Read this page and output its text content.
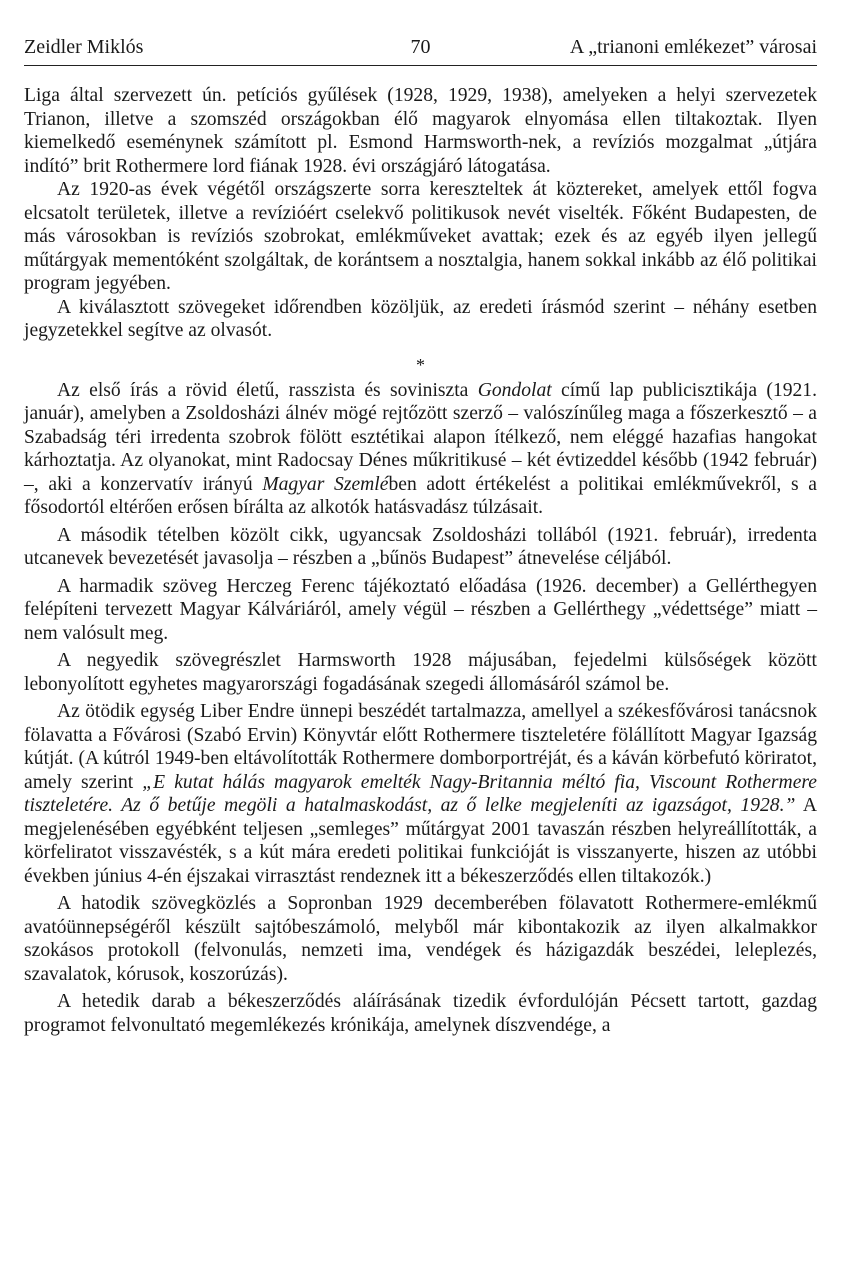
Zeidler Miklós	70	A „trianoni emlékezet” városai

Liga által szervezett ún. petíciós gyűlések (1928, 1929, 1938), amelyeken a helyi szervezetek Trianon, illetve a szomszéd országokban élő magyarok elnyomása ellen tiltakoztak. Ilyen kiemelkedő eseménynek számított pl. Esmond Harmsworth-nek, a revíziós mozgalmat „útjára indító” brit Rothermere lord fiának 1928. évi országjáró látogatása.

Az 1920-as évek végétől országszerte sorra kereszteltek át köztereket, amelyek ettől fogva elcsatolt területek, illetve a revízióért cselekvő politikusok nevét viselték. Főként Budapesten, de más városokban is revíziós szobrokat, emlékműveket avattak; ezek és az egyéb ilyen jellegű műtárgyak mementóként szolgáltak, de korántsem a nosztalgia, hanem sokkal inkább az élő politikai program jegyében.

A kiválasztott szövegeket időrendben közöljük, az eredeti írásmód szerint – néhány esetben jegyzetekkel segítve az olvasót.

*

Az első írás a rövid életű, rasszista és soviniszta Gondolat című lap publicisztikája (1921. január), amelyben a Zsoldosházi álnév mögé rejtőzött szerző – valószínűleg maga a főszerkesztő – a Szabadság téri irredenta szobrok fölött esztétikai alapon ítélkező, nem eléggé hazafias hangokat kárhoztatja. Az olyanokat, mint Radocsay Dénes műkritikusé – két évtizeddel később (1942 február) –, aki a konzervatív irányú Magyar Szemlében adott értékelést a politikai emlékművekről, s a fősodortól eltérően erősen bírálta az alkotók hatásvadász túlzásait.

A második tételben közölt cikk, ugyancsak Zsoldosházi tollából (1921. február), irredenta utcanevek bevezetését javasolja – részben a „bűnös Budapest” átnevelése céljából.

A harmadik szöveg Herczeg Ferenc tájékoztató előadása (1926. december) a Gellérthegyen felépíteni tervezett Magyar Kálváriáról, amely végül – részben a Gellérthegy „védettsége” miatt – nem valósult meg.

A negyedik szövegrészlet Harmsworth 1928 májusában, fejedelmi külsőségek között lebonyolított egyhetes magyarországi fogadásának szegedi állomásáról számol be.

Az ötödik egység Liber Endre ünnepi beszédét tartalmazza, amellyel a székesfővárosi tanácsnok fölavatta a Fővárosi (Szabó Ervin) Könyvtár előtt Rothermere tiszteletére fölállított Magyar Igazság kútját. (A kútról 1949-ben eltávolították Rothermere domborportréját, és a káván körbefutó köriratot, amely szerint „E kutat hálás magyarok emelték Nagy-Britannia méltó fia, Viscount Rothermere tiszteletére. Az ő betűje megöli a hatalmaskodást, az ő lelke megjeleníti az igazságot, 1928.” A megjelenésében egyébként teljesen „semleges” műtárgyat 2001 tavaszán részben helyreállították, a körfeliratot visszavésték, s a kút mára eredeti politikai funkcióját is visszanyerte, hiszen az utóbbi években június 4-én éjszakai virrasztást rendeznek itt a békeszerződés ellen tiltakozók.)

A hatodik szövegközlés a Sopronban 1929 decemberében fölavatott Rothermere-emlékmű avatóünnepségéről készült sajtóbeszámoló, melyből már kibontakozik az ilyen alkalmakkor szokásos protokoll (felvonulás, nemzeti ima, vendégek és házigazdák beszédei, leleplezés, szavalatok, kórusok, koszorúzás).

A hetedik darab a békeszerződés aláírásának tizedik évfordulóján Pécsett tartott, gazdag programot felvonultató megemlékezés krónikája, amelynek díszvendége, a
